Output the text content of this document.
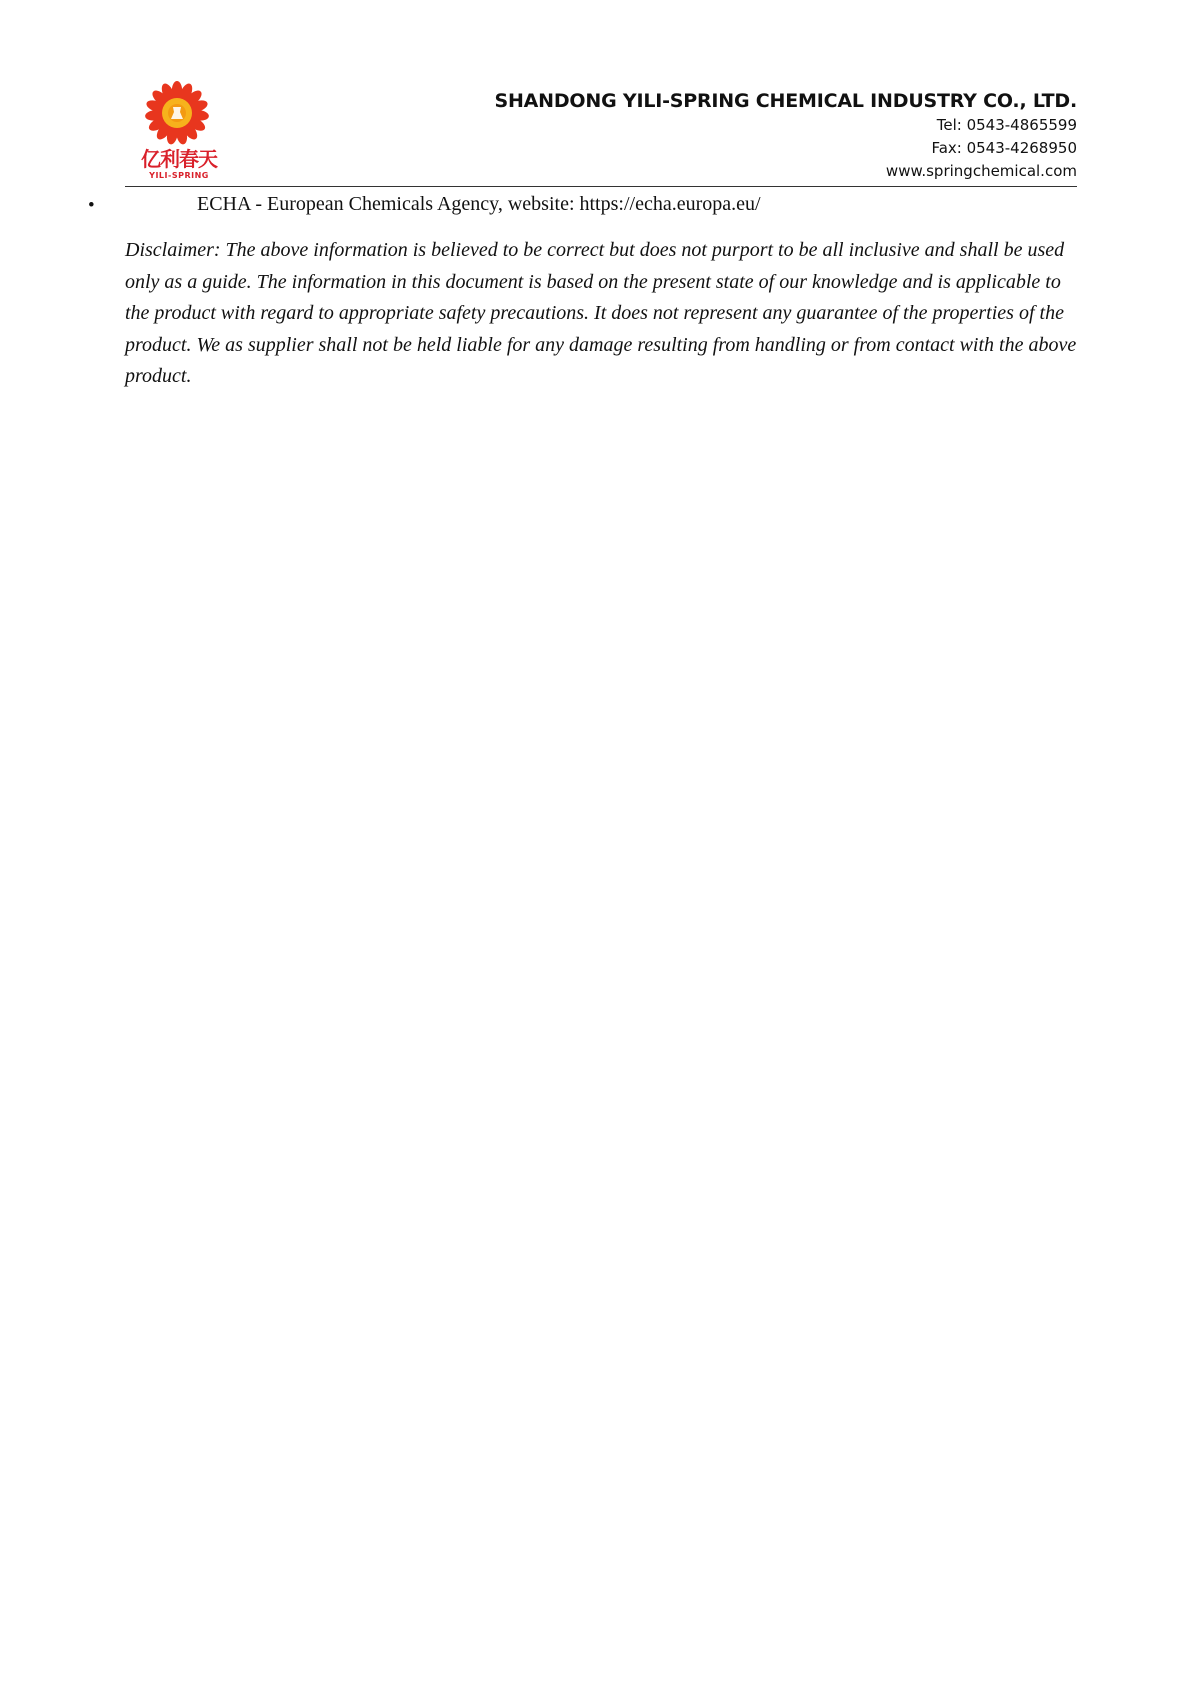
亿利春天
YILI-SPRING
SHANDONG YILI-SPRING CHEMICAL INDUSTRY CO., LTD.
Tel: 0543-4865599
Fax: 0543-4268950
www.springchemical.com
•	ECHA - European Chemicals Agency, website: https://echa.europa.eu/
Disclaimer: The above information is believed to be correct but does not purport to be all inclusive and shall be used only as a guide. The information in this document is based on the present state of our knowledge and is applicable to the product with regard to appropriate safety precautions. It does not represent any guarantee of the properties of the product. We as supplier shall not be held liable for any damage resulting from handling or from contact with the above product.
